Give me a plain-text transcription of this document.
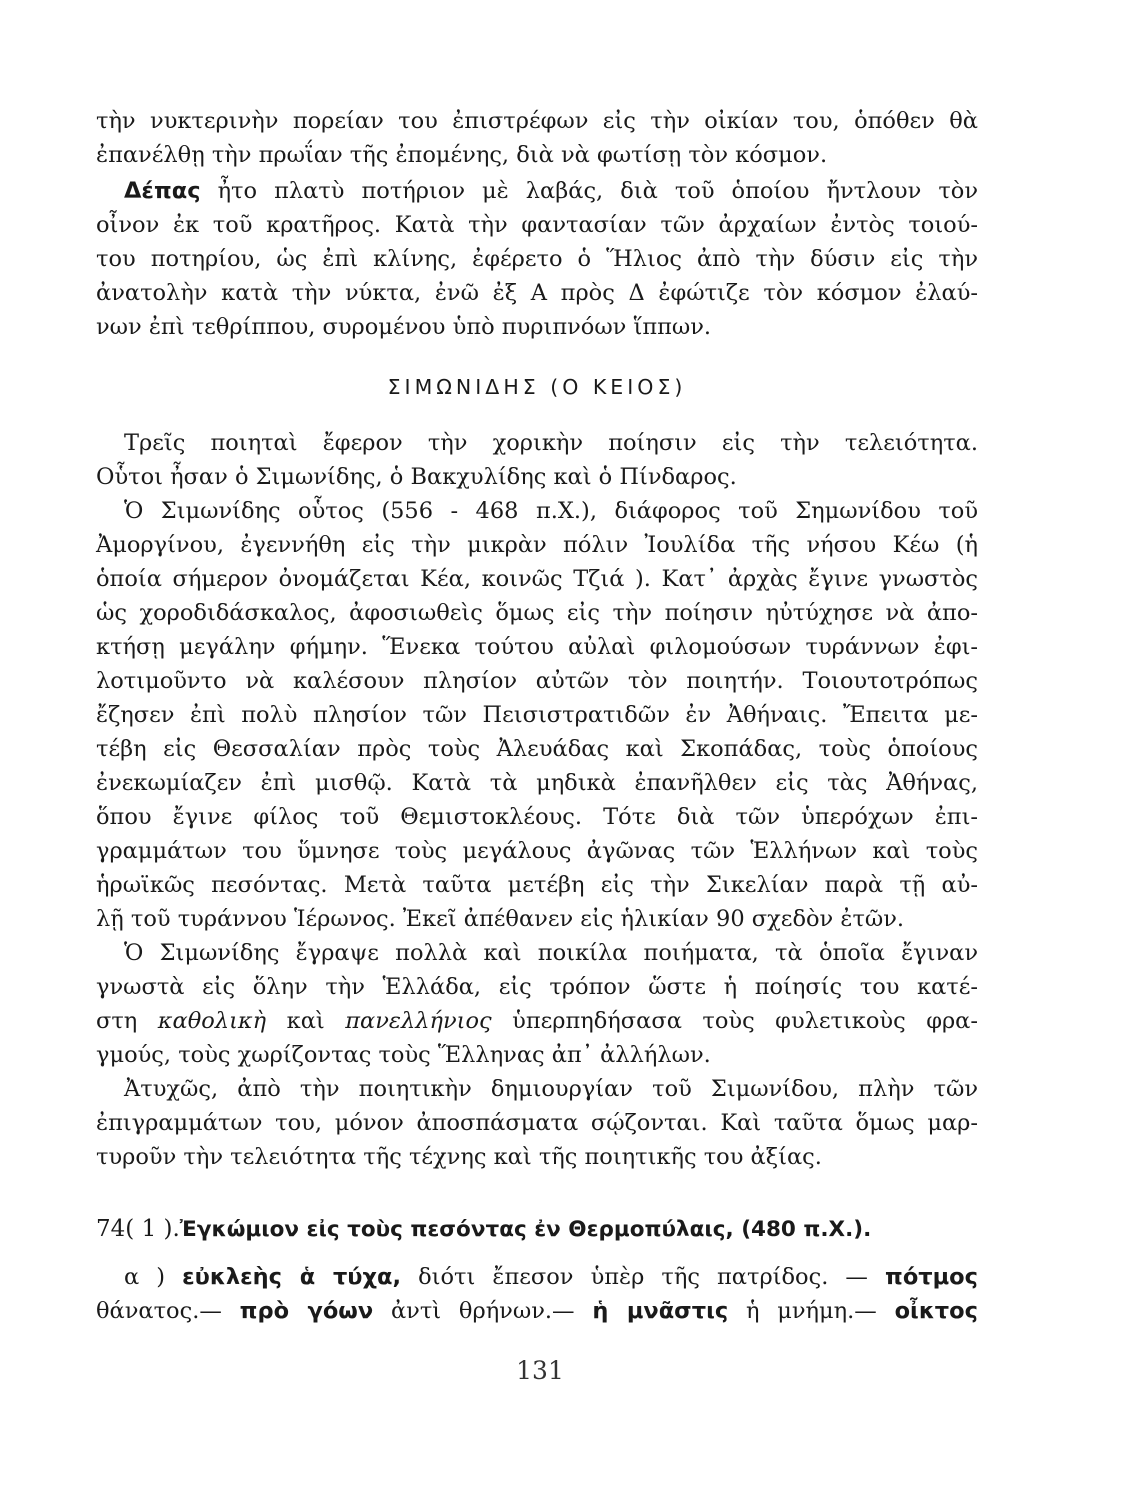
τὴν νυκτερινὴν πορείαν του ἐπιστρέφων εἰς τὴν οἰκίαν του, ὁπόθεν θὰ
ἐπανέλθῃ τὴν πρωΐαν τῆς ἐπομένης, διὰ νὰ φωτίσῃ τὸν κόσμον.
Δέπας ἦτο πλατὺ ποτήριον μὲ λαβάς, διὰ τοῦ ὁποίου ἤντλουν τὸν
οἶνον ἐκ τοῦ κρατῆρος. Κατὰ τὴν φαντασίαν τῶν ἀρχαίων ἐντὸς τοιού-
του ποτηρίου, ὡς ἐπὶ κλίνης, ἐφέρετο ὁ Ἥλιος ἀπὸ τὴν δύσιν εἰς τὴν
ἀνατολὴν κατὰ τὴν νύκτα, ἐνῶ ἐξ Α πρὸς Δ ἐφώτιζε τὸν κόσμον ἐλαύ-
νων ἐπὶ τεθρίππου, συρομένου ὑπὸ πυριπνόων ἵππων.
ΣΙΜΩΝΙΔΗΣ (Ο ΚΕΙΟΣ)
Τρεῖς ποιηταὶ ἔφερον τὴν χορικὴν ποίησιν εἰς τὴν τελειότητα.
Οὗτοι ἦσαν ὁ Σιμωνίδης, ὁ Βακχυλίδης καὶ ὁ Πίνδαρος.
Ὁ Σιμωνίδης οὗτος (556 - 468 π.Χ.), διάφορος τοῦ Σημωνίδου τοῦ
Ἀμοργίνου, ἐγεννήθη εἰς τὴν μικρὰν πόλιν Ἰουλίδα τῆς νήσου Κέω (ἡ
ὁποία σήμερον ὀνομάζεται Κέα, κοινῶς Τζιά ). Κατ᾽ ἀρχὰς ἔγινε γνωστὸς
ὡς χοροδιδάσκαλος, ἀφοσιωθεὶς ὅμως εἰς τὴν ποίησιν ηὐτύχησε νὰ ἀπο-
κτήσῃ μεγάλην φήμην. Ἕνεκα τούτου αὐλαὶ φιλομούσων τυράννων ἐφι-
λοτιμοῦντο νὰ καλέσουν πλησίον αὐτῶν τὸν ποιητήν. Τοιουτοτρόπως
ἔζησεν ἐπὶ πολὺ πλησίον τῶν Πεισιστρατιδῶν ἐν Ἀθήναις. Ἔπειτα με-
τέβη εἰς Θεσσαλίαν πρὸς τοὺς Ἀλευάδας καὶ Σκοπάδας, τοὺς ὁποίους
ἐνεκωμίαζεν ἐπὶ μισθῷ. Κατὰ τὰ μηδικὰ ἐπανῆλθεν εἰς τὰς Ἀθήνας,
ὅπου ἔγινε φίλος τοῦ Θεμιστοκλέους. Τότε διὰ τῶν ὑπερόχων ἐπι-
γραμμάτων του ὕμνησε τοὺς μεγάλους ἀγῶνας τῶν Ἑλλήνων καὶ τοὺς
ἡρωϊκῶς πεσόντας. Μετὰ ταῦτα μετέβη εἰς τὴν Σικελίαν παρὰ τῇ αὐ-
λῇ τοῦ τυράννου Ἱέρωνος. Ἐκεῖ ἀπέθανεν εἰς ἡλικίαν 90 σχεδὸν ἐτῶν.
Ὁ Σιμωνίδης ἔγραψε πολλὰ καὶ ποικίλα ποιήματα, τὰ ὁποῖα ἔγιναν
γνωστὰ εἰς ὅλην τὴν Ἑλλάδα, εἰς τρόπον ὥστε ἡ ποίησίς του κατέ-
στη καθολικὴ καὶ πανελλήνιος ὑπερπηδήσασα τοὺς φυλετικοὺς φρα-
γμούς, τοὺς χωρίζοντας τοὺς Ἕλληνας ἀπ᾽ ἀλλήλων.
Ἀτυχῶς, ἀπὸ τὴν ποιητικὴν δημιουργίαν τοῦ Σιμωνίδου, πλὴν τῶν
ἐπιγραμμάτων του, μόνον ἀποσπάσματα σῴζονται. Καὶ ταῦτα ὅμως μαρ-
τυροῦν τὴν τελειότητα τῆς τέχνης καὶ τῆς ποιητικῆς του ἀξίας.
74( 1 ).Ἐγκώμιον εἰς τοὺς πεσόντας ἐν Θερμοπύλαις, (480 π.Χ.).
α ) εὐκλεὴς ἁ τύχα, διότι ἔπεσον ὑπὲρ τῆς πατρίδος. — πότμος
θάνατος.— πρὸ γόων ἀντὶ θρήνων.— ἡ μνᾶστις ἡ μνήμη.— οἶκτος
131
